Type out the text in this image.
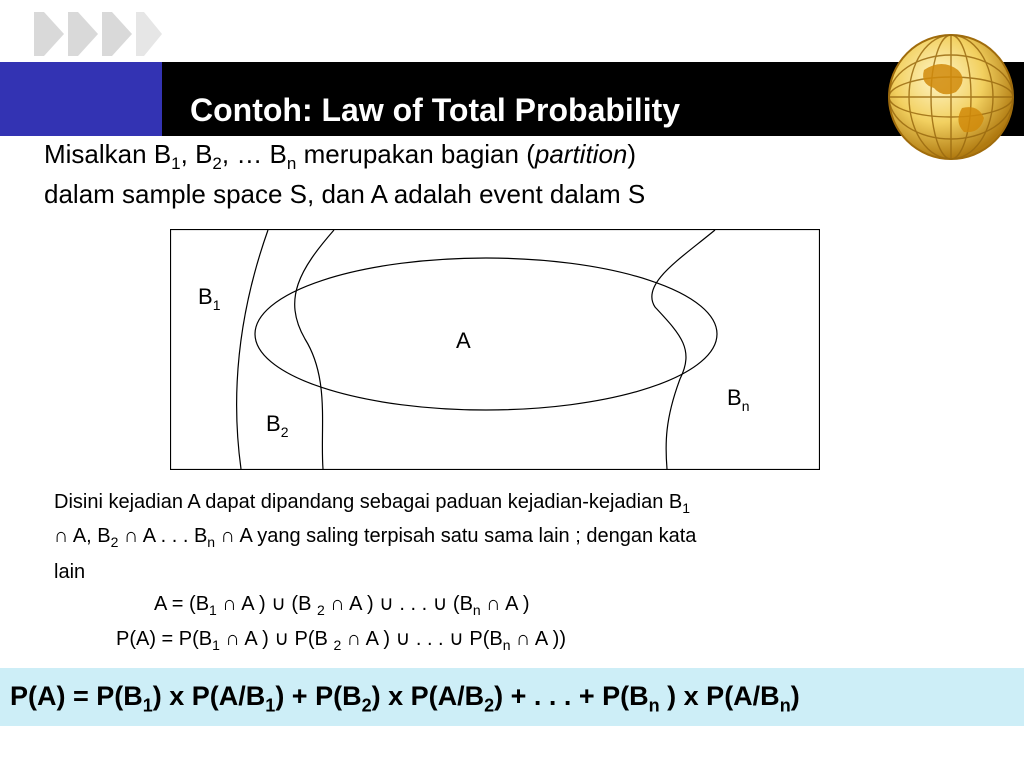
Contoh: Law of Total Probability

Misalkan $B_1$, $B_2$, … $B_n$ merupakan bagian (partition)

dalam sample space S, dan A adalah event dalam S

$B_1$
A
$B_2$
$B_n$

Disini kejadian A dapat dipandang sebagai paduan kejadian-kejadian $B_1$

∩ A, $B_2$ ∩ A . . . $B_n$ ∩ A yang saling terpisah satu sama lain ; dengan kata

lain

$A = (B_1$ ∩ A ) ∪ (B $_2$ ∩ A ) ∪ . . . ∪ ($B_n$ ∩ A )

$P(A) = P(B_1$ ∩ A ) ∪ P(B $_2$ ∩ A ) ∪ . . . ∪ $P(B_n$ ∩ A ))

$P(A) = P(B_1)$ x $P(A/B_1) + P(B_2)$ x $P(A/B_2)$ + . . . + $P(B_n$ ) x $P(A/B_n)$
